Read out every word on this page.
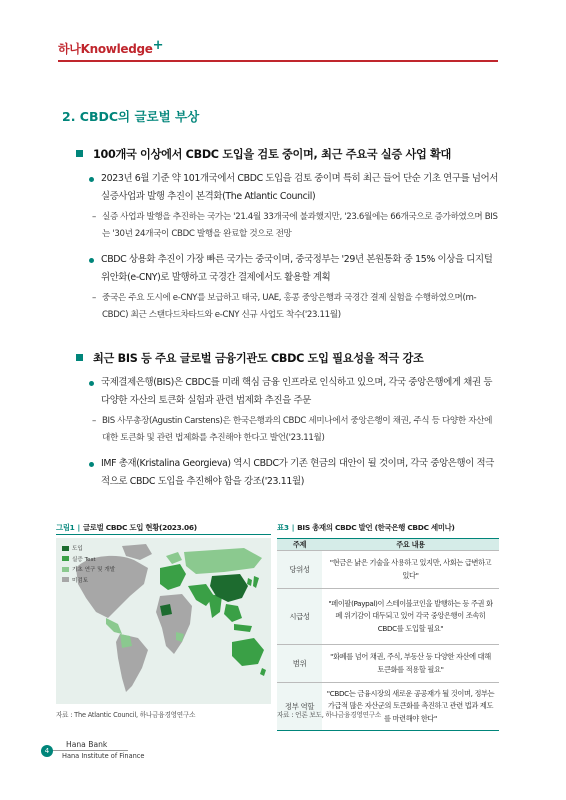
하나Knowledge+
2. CBDC의 글로벌 부상
100개국 이상에서 CBDC 도입을 검토 중이며, 최근 주요국 실증 사업 확대
2023년 6월 기준 약 101개국에서 CBDC 도입을 검토 중이며 특히 최근 들어 단순 기초 연구를 넘어서 실증사업과 발행 추진이 본격화(The Atlantic Council)
– 실증 사업과 발행을 추진하는 국가는 '21.4월 33개국에 불과했지만, '23.6월에는 66개국으로 증가하였으며 BIS는 '30년 24개국이 CBDC 발행을 완료할 것으로 전망
CBDC 상용화 추진이 가장 빠른 국가는 중국이며, 중국정부는 '29년 본원통화 중 15% 이상을 디지털 위안화(e-CNY)로 발행하고 국경간 결제에서도 활용할 계획
– 중국은 주요 도시에 e-CNY를 보급하고 태국, UAE, 홍콩 중앙은행과 국경간 결제 실험을 수행하였으며(m-CBDC) 최근 스탠다드차타드와 e-CNY 신규 사업도 착수('23.11월)
최근 BIS 등 주요 글로벌 금융기관도 CBDC 도입 필요성을 적극 강조
국제결제은행(BIS)은 CBDC를 미래 핵심 금융 인프라로 인식하고 있으며, 각국 중앙은행에게 채권 등 다양한 자산의 토큰화 실험과 관련 법제화 추진을 주문
– BIS 사무총장(Agustin Carstens)은 한국은행과의 CBDC 세미나에서 중앙은행이 채권, 주식 등 다양한 자산에 대한 토큰화 및 관련 법제화를 추진해야 한다고 발언('23.11월)
IMF 총재(Kristalina Georgieva) 역시 CBDC가 기존 현금의 대안이 될 것이며, 각국 중앙은행이 적극적으로 CBDC 도입을 추진해야 함을 강조('23.11월)
그림1 | 글로벌 CBDC 도입 현황(2023.06)
도입
실증 Test
기초 연구 및 개발
미검토
자료 : The Atlantic Council, 하나금융경영연구소
표3 | BIS 총재의 CBDC 발언 (한국은행 CBDC 세미나)
주제	주요 내용
당위성	"현금은 낡은 기술을 사용하고 있지만, 사회는 급변하고 있다"
시급성	"페이팔(Paypal)이 스테이블코인을 발행하는 등 주권 화폐 위기감이 대두되고 있어 각국 중앙은행이 조속히 CBDC를 도입할 필요"
범위	"화폐를 넘어 채권, 주식, 부동산 등 다양한 자산에 대해 토큰화를 적용할 필요"
정부 역할	"CBDC는 금융시장의 새로운 공공재가 될 것이며, 정부는 가급적 많은 자산군의 토큰화를 촉진하고 관련 법과 제도를 마련해야 한다"
자료 : 언론 보도, 하나금융경영연구소
4
Hana Bank
Hana Institute of Finance
